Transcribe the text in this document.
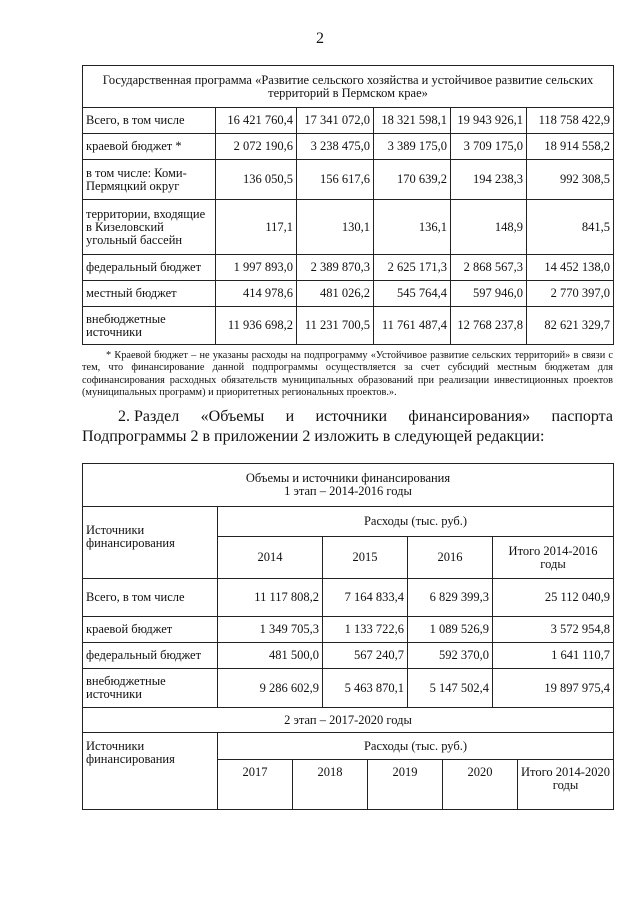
2
Государственная программа «Развитие сельского хозяйства и устойчивое развитие сельских территорий в Пермском крае»					
Всего, в том числе	16 421 760,4	17 341 072,0	18 321 598,1	19 943 926,1	118 758 422,9
краевой бюджет *	2 072 190,6	3 238 475,0	3 389 175,0	3 709 175,0	18 914 558,2
в том числе: Коми-Пермяцкий округ	136 050,5	156 617,6	170 639,2	194 238,3	992 308,5
территории, входящие в Кизеловский угольный бассейн	117,1	130,1	136,1	148,9	841,5
федеральный бюджет	1 997 893,0	2 389 870,3	2 625 171,3	2 868 567,3	14 452 138,0
местный бюджет	414 978,6	481 026,2	545 764,4	597 946,0	2 770 397,0
внебюджетные источники	11 936 698,2	11 231 700,5	11 761 487,4	12 768 237,8	82 621 329,7

* Краевой бюджет – не указаны расходы на подпрограмму «Устойчивое развитие сельских территорий» в связи с тем, что финансирование данной подпрограммы осуществляется за счет субсидий местным бюджетам для софинансирования расходных обязательств муниципальных образований при реализации инвестиционных проектов (муниципальных программ) и приоритетных региональных проектов.».

2. Раздел «Объемы и источники финансирования» паспорта
Подпрограммы 2 в приложении 2 изложить в следующей редакции:
Объемы и источники финансирования
1 этап – 2014-2016 годы				

Источники финансирования	Расходы (тыс. руб.)			
	2014	2015	2016	Итого 2014-2016 годы
Всего, в том числе	11 117 808,2	7 164 833,4	6 829 399,3	25 112 040,9
краевой бюджет	1 349 705,3	1 133 722,6	1 089 526,9	3 572 954,8
федеральный бюджет	481 500,0	567 240,7	592 370,0	1 641 110,7
внебюджетные источники	9 286 602,9	5 463 870,1	5 147 502,4	19 897 975,4
2 этап – 2017-2020 годы				
Источники финансирования	Расходы (тыс. руб.)				
	2017	2018	2019	2020	Итого 2014-2020 годы
